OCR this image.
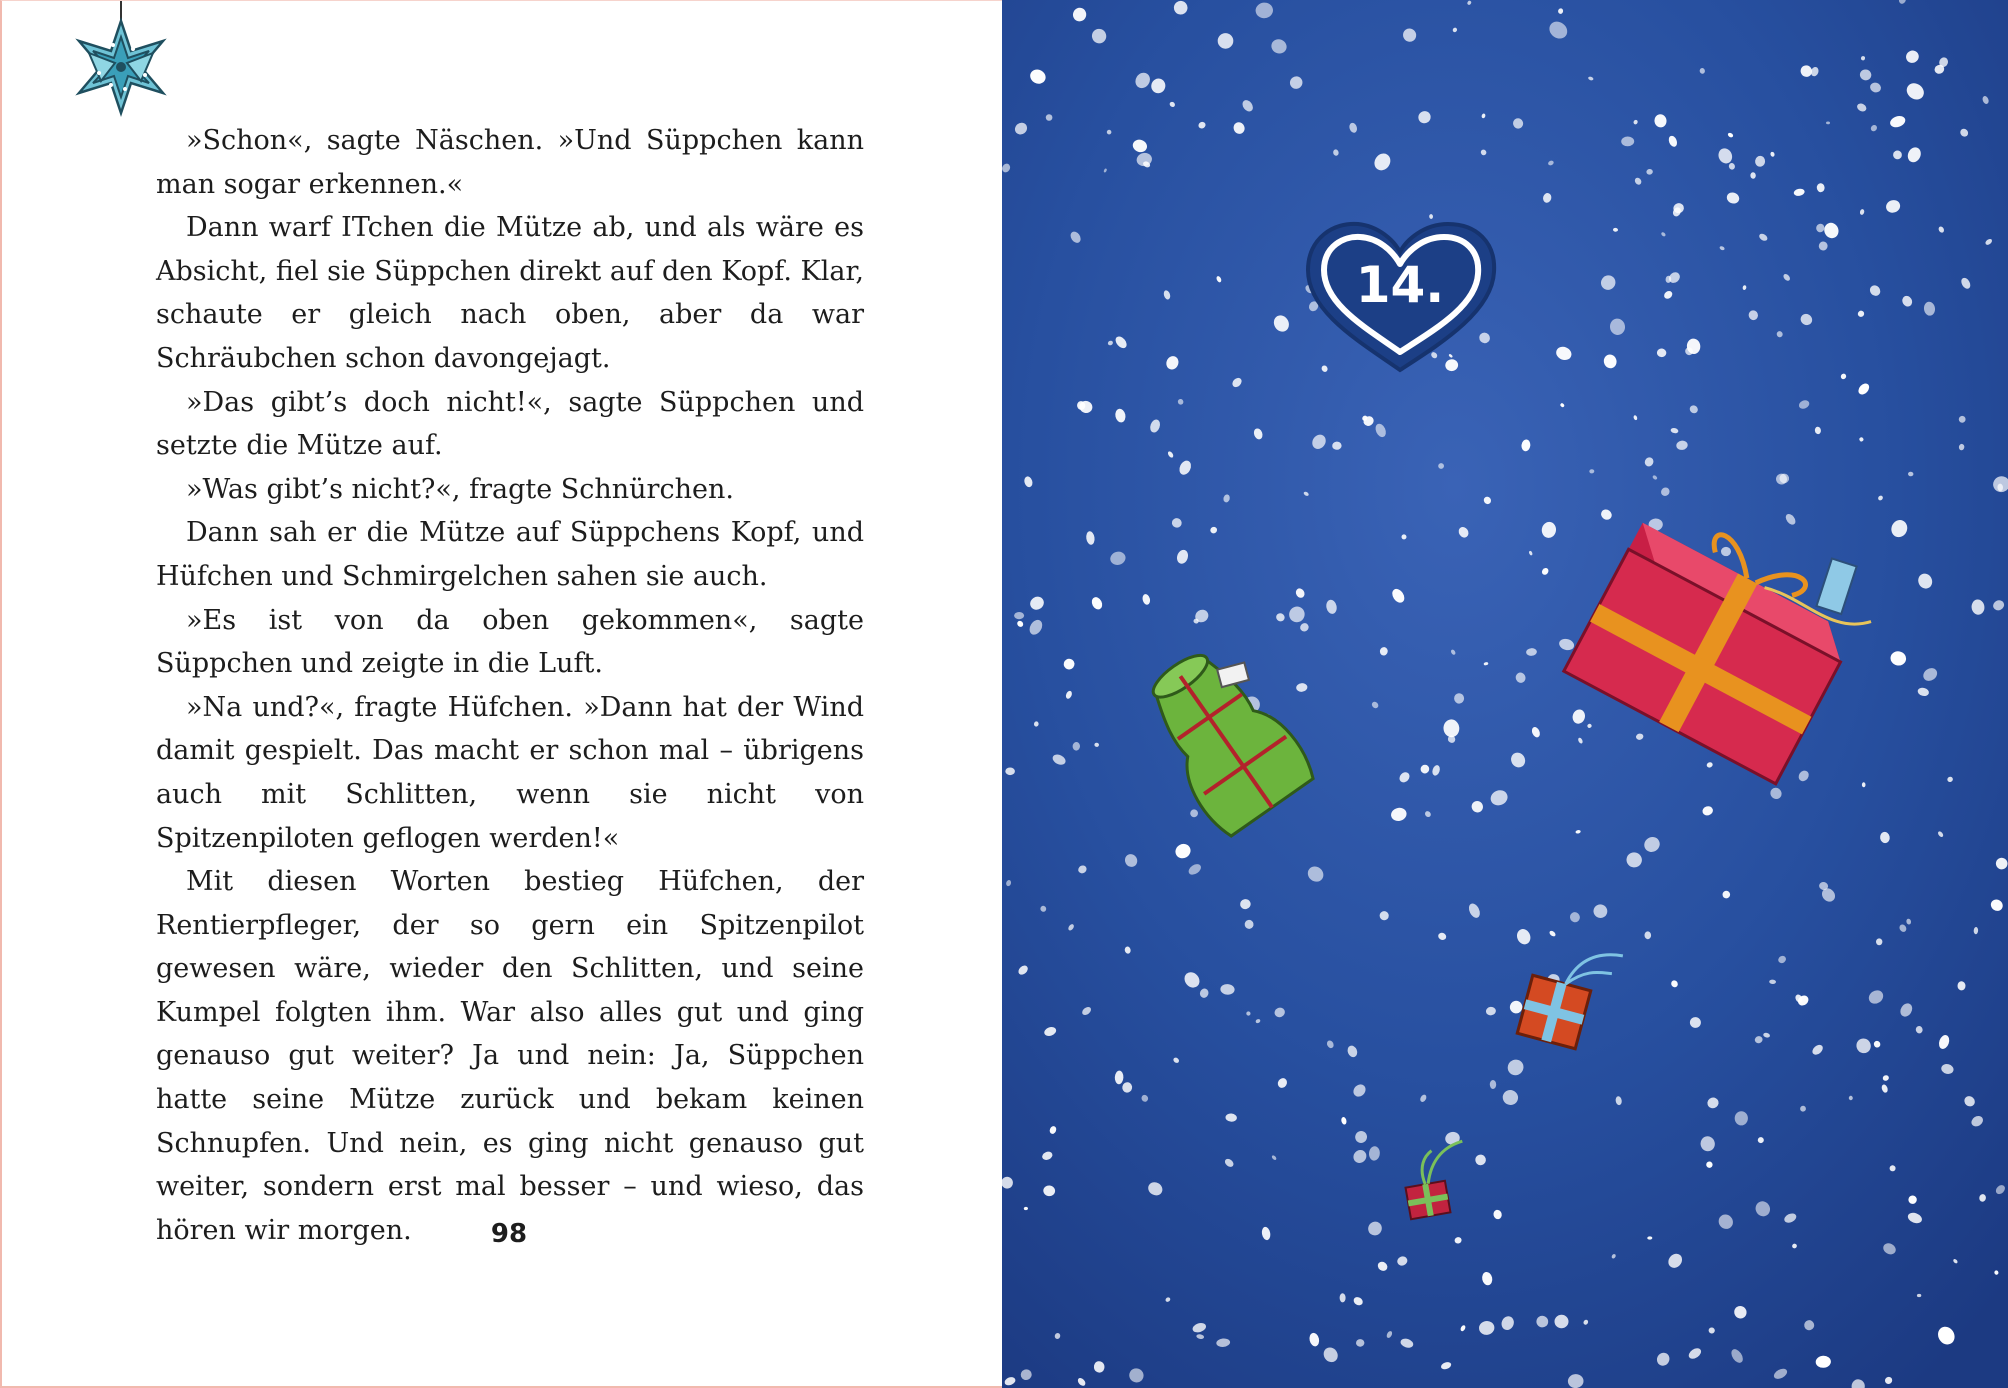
»Schon«, sagte Näschen. »Und Süppchen kann man sogar erkennen.«

Dann warf ITchen die Mütze ab, und als wäre es Absicht, fiel sie Süppchen direkt auf den Kopf. Klar, schaute er gleich nach oben, aber da war Schräubchen schon davongejagt.

»Das gibt’s doch nicht!«, sagte Süppchen und setzte die Mütze auf.

»Was gibt’s nicht?«, fragte Schnürchen.

Dann sah er die Mütze auf Süppchens Kopf, und Hüfchen und Schmirgelchen sahen sie auch.

»Es ist von da oben gekommen«, sagte Süppchen und zeigte in die Luft.

»Na und?«, fragte Hüfchen. »Dann hat der Wind damit gespielt. Das macht er schon mal – übrigens auch mit Schlitten, wenn sie nicht von Spitzenpiloten geflogen werden!«

Mit diesen Worten bestieg Hüfchen, der Rentierpfleger, der so gern ein Spitzenpilot gewesen wäre, wieder den Schlitten, und seine Kumpel folgten ihm. War also alles gut und ging genauso gut weiter? Ja und nein: Ja, Süppchen hatte seine Mütze zurück und bekam keinen Schnupfen. Und nein, es ging nicht genauso gut weiter, sondern erst mal besser – und wieso, das hören wir morgen.	98
14.
